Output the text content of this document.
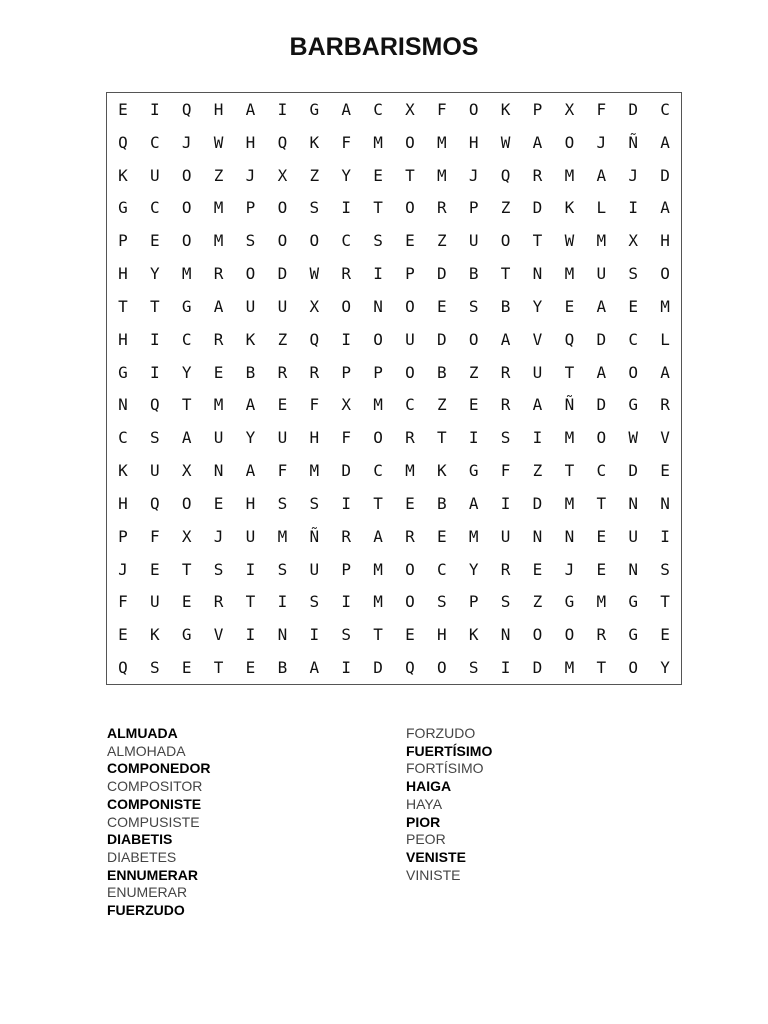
BARBARISMOS
E	I	Q	H	A	I	G	A	C	X	F	O	K	P	X	F	D	C
Q	C	J	W	H	Q	K	F	M	O	M	H	W	A	O	J	Ñ	A
K	U	O	Z	J	X	Z	Y	E	T	M	J	Q	R	M	A	J	D
G	C	O	M	P	O	S	I	T	O	R	P	Z	D	K	L	I	A
P	E	O	M	S	O	O	C	S	E	Z	U	O	T	W	M	X	H
H	Y	M	R	O	D	W	R	I	P	D	B	T	N	M	U	S	O
T	T	G	A	U	U	X	O	N	O	E	S	B	Y	E	A	E	M
H	I	C	R	K	Z	Q	I	O	U	D	O	A	V	Q	D	C	L
G	I	Y	E	B	R	R	P	P	O	B	Z	R	U	T	A	O	A
N	Q	T	M	A	E	F	X	M	C	Z	E	R	A	Ñ	D	G	R
C	S	A	U	Y	U	H	F	O	R	T	I	S	I	M	O	W	V
K	U	X	N	A	F	M	D	C	M	K	G	F	Z	T	C	D	E
H	Q	O	E	H	S	S	I	T	E	B	A	I	D	M	T	N	N
P	F	X	J	U	M	Ñ	R	A	R	E	M	U	N	N	E	U	I
J	E	T	S	I	S	U	P	M	O	C	Y	R	E	J	E	N	S
F	U	E	R	T	I	S	I	M	O	S	P	S	Z	G	M	G	T
E	K	G	V	I	N	I	S	T	E	H	K	N	O	O	R	G	E
Q	S	E	T	E	B	A	I	D	Q	O	S	I	D	M	T	O	Y
ALMUADA
ALMOHADA
COMPONEDOR
COMPOSITOR
COMPONISTE
COMPUSISTE
DIABETIS
DIABETES
ENNUMERAR
ENUMERAR
FUERZUDO
FORZUDO
FUERTÍSIMO
FORTÍSIMO
HAIGA
HAYA
PIOR
PEOR
VENISTE
VINISTE
